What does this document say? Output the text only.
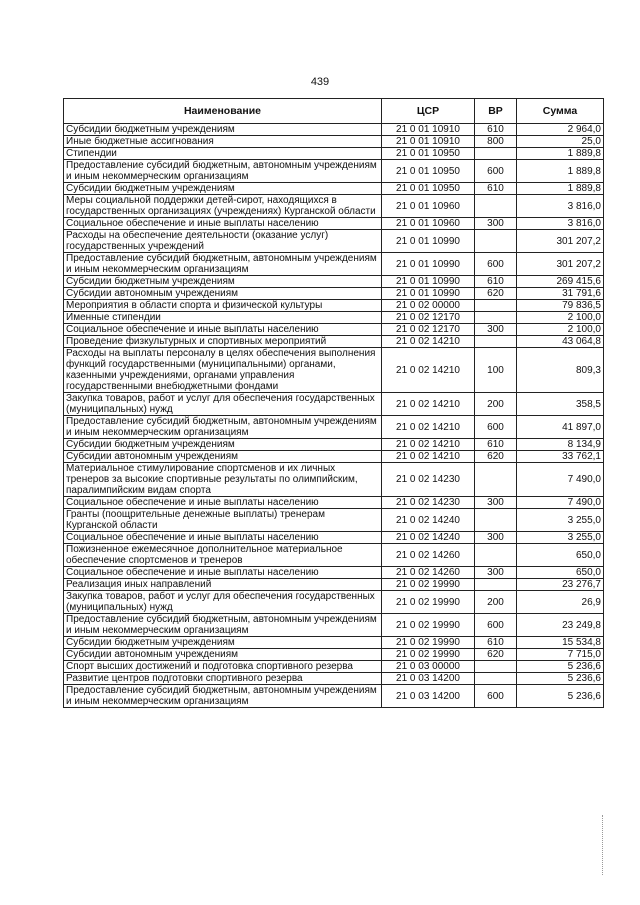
439
Наименование	ЦСР	ВР	Сумма
Субсидии бюджетным учреждениям	21 0 01 10910	610	2 964,0
Иные бюджетные ассигнования	21 0 01 10910	800	25,0
Стипендии	21 0 01 10950		1 889,8
Предоставление субсидий бюджетным, автономным учреждениям и иным некоммерческим организациям	21 0 01 10950	600	1 889,8
Субсидии бюджетным учреждениям	21 0 01 10950	610	1 889,8
Меры социальной поддержки детей-сирот, находящихся в государственных организациях (учреждениях) Курганской области	21 0 01 10960		3 816,0
Социальное обеспечение и иные выплаты населению	21 0 01 10960	300	3 816,0
Расходы на обеспечение деятельности (оказание услуг) государственных учреждений	21 0 01 10990		301 207,2
Предоставление субсидий бюджетным, автономным учреждениям и иным некоммерческим организациям	21 0 01 10990	600	301 207,2
Субсидии бюджетным учреждениям	21 0 01 10990	610	269 415,6
Субсидии автономным учреждениям	21 0 01 10990	620	31 791,6
Мероприятия в области спорта и физической культуры	21 0 02 00000		79 836,5
Именные стипендии	21 0 02 12170		2 100,0
Социальное обеспечение и иные выплаты населению	21 0 02 12170	300	2 100,0
Проведение физкультурных и спортивных мероприятий	21 0 02 14210		43 064,8
Расходы на выплаты персоналу в целях обеспечения выполнения функций государственными (муниципальными) органами, казенными учреждениями, органами управления государственными внебюджетными фондами	21 0 02 14210	100	809,3
Закупка товаров, работ и услуг для обеспечения государственных (муниципальных) нужд	21 0 02 14210	200	358,5
Предоставление субсидий бюджетным, автономным учреждениям и иным некоммерческим организациям	21 0 02 14210	600	41 897,0
Субсидии бюджетным учреждениям	21 0 02 14210	610	8 134,9
Субсидии автономным учреждениям	21 0 02 14210	620	33 762,1
Материальное стимулирование спортсменов и их личных тренеров за высокие спортивные результаты по олимпийским, паралимпийским видам спорта	21 0 02 14230		7 490,0
Социальное обеспечение и иные выплаты населению	21 0 02 14230	300	7 490,0
Гранты (поощрительные денежные выплаты) тренерам Курганской области	21 0 02 14240		3 255,0
Социальное обеспечение и иные выплаты населению	21 0 02 14240	300	3 255,0
Пожизненное ежемесячное дополнительное материальное обеспечение спортсменов и тренеров	21 0 02 14260		650,0
Социальное обеспечение и иные выплаты населению	21 0 02 14260	300	650,0
Реализация иных направлений	21 0 02 19990		23 276,7
Закупка товаров, работ и услуг для обеспечения государственных (муниципальных) нужд	21 0 02 19990	200	26,9
Предоставление субсидий бюджетным, автономным учреждениям и иным некоммерческим организациям	21 0 02 19990	600	23 249,8
Субсидии бюджетным учреждениям	21 0 02 19990	610	15 534,8
Субсидии автономным учреждениям	21 0 02 19990	620	7 715,0
Спорт высших достижений и подготовка спортивного резерва	21 0 03 00000		5 236,6
Развитие центров подготовки спортивного резерва	21 0 03 14200		5 236,6
Предоставление субсидий бюджетным, автономным учреждениям и иным некоммерческим организациям	21 0 03 14200	600	5 236,6
